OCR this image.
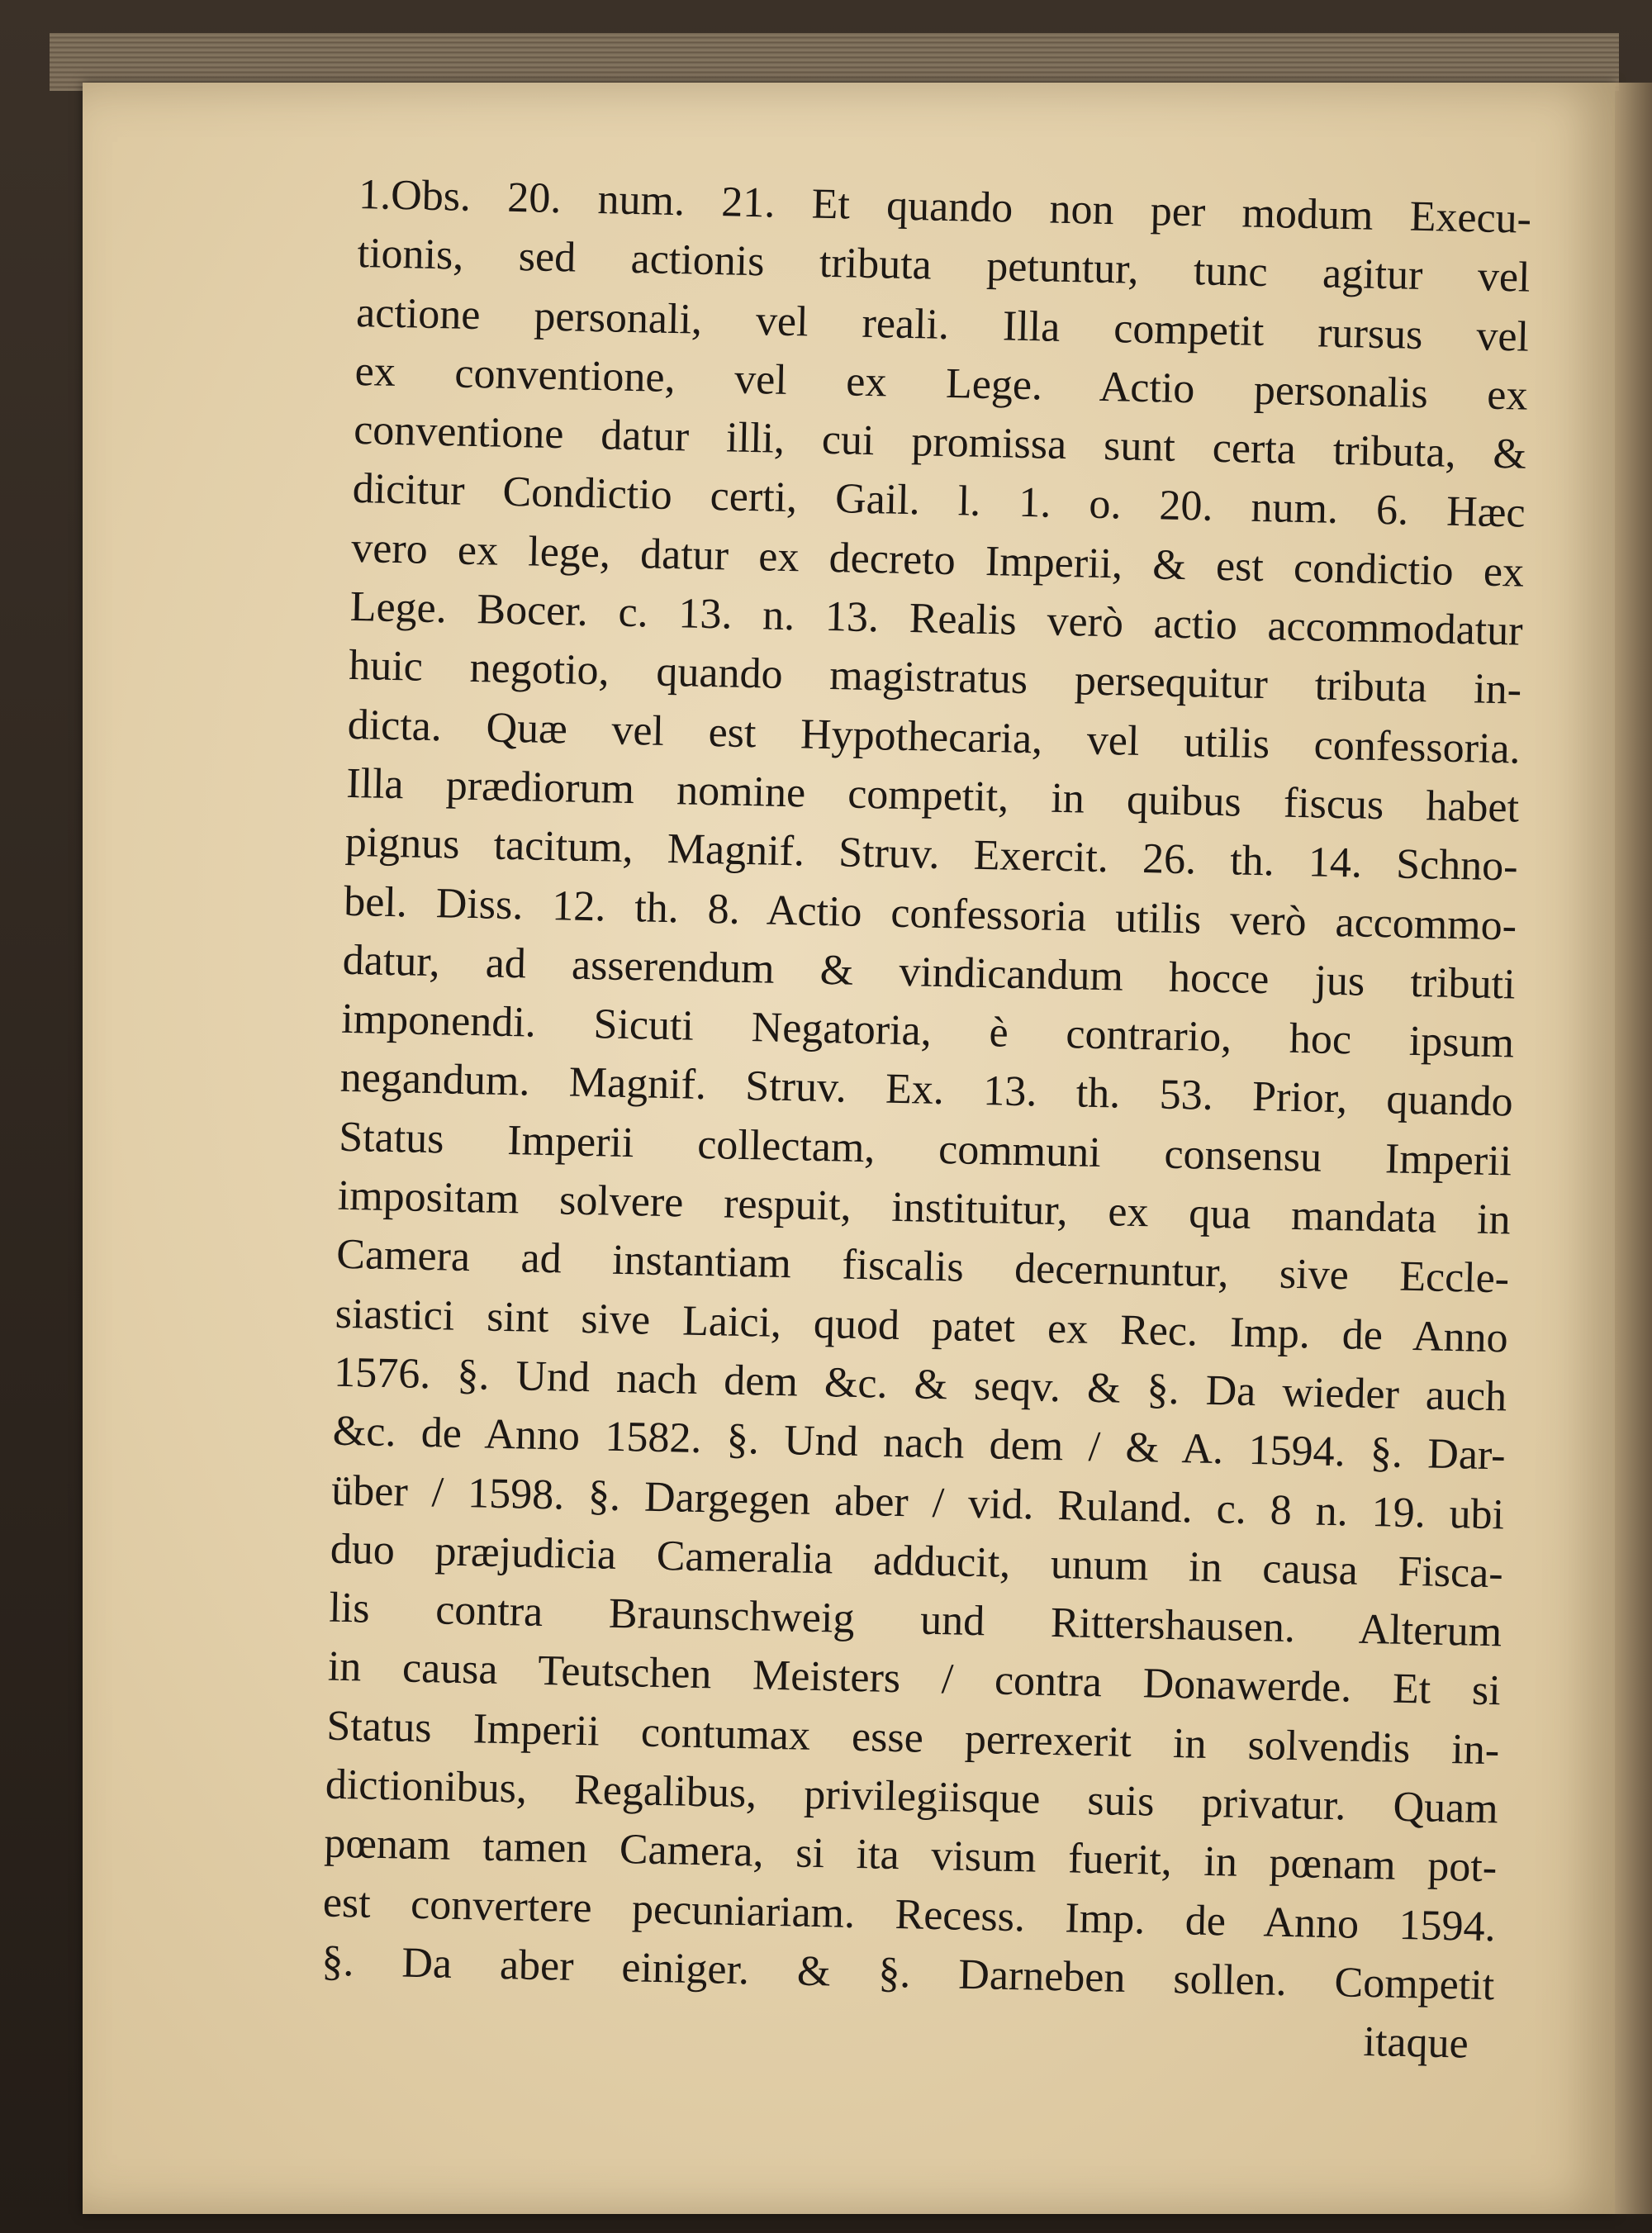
1.Obs. 20. num. 21. Et quando non per modum Execu-
tionis, sed actionis tributa petuntur, tunc agitur vel
actione personali, vel reali. Illa competit rursus vel
ex conventione, vel ex Lege. Actio personalis ex
conventione datur illi, cui promissa sunt certa tributa, &
dicitur Condictio certi, Gail. l. 1. o. 20. num. 6. Hæc
vero ex lege, datur ex decreto Imperii, & est condictio ex
Lege. Bocer. c. 13. n. 13. Realis verò actio accommodatur
huic negotio, quando magistratus persequitur tributa in-
dicta. Quæ vel est Hypothecaria, vel utilis confessoria.
Illa prædiorum nomine competit, in quibus fiscus habet
pignus tacitum, Magnif. Struv. Exercit. 26. th. 14. Schno-
bel. Diss. 12. th. 8. Actio confessoria utilis verò accommo-
datur, ad asserendum & vindicandum hocce jus tributi
imponendi. Sicuti Negatoria, è contrario, hoc ipsum
negandum. Magnif. Struv. Ex. 13. th. 53. Prior, quando
Status Imperii collectam, communi consensu Imperii
impositam solvere respuit, instituitur, ex qua mandata in
Camera ad instantiam fiscalis decernuntur, sive Eccle-
siastici sint sive Laici, quod patet ex Rec. Imp. de Anno
1576. §. Und nach dem &c. & seqv. & §. Da wieder auch
&c. de Anno 1582. §. Und nach dem / & A. 1594. §. Dar-
über / 1598. §. Dargegen aber / vid. Ruland. c. 8 n. 19. ubi
duo præjudicia Cameralia adducit, unum in causa Fisca-
lis contra Braunschweig und Rittershausen. Alterum
in causa Teutschen Meisters / contra Donawerde. Et si
Status Imperii contumax esse perrexerit in solvendis in-
dictionibus, Regalibus, privilegiisque suis privatur. Quam
pœnam tamen Camera, si ita visum fuerit, in pœnam pot-
est convertere pecuniariam. Recess. Imp. de Anno 1594.
§. Da aber einiger. & §. Darneben sollen. Competit
itaque
